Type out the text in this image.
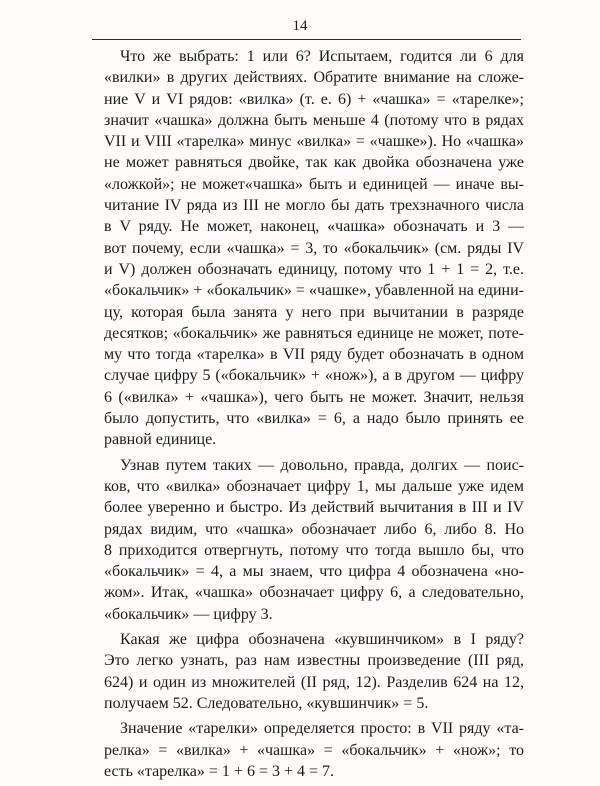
14
Что же выбрать: 1 или 6? Испытаем, годится ли 6 для
«вилки» в других действиях. Обратите внимание на сложе-
ние V и VI рядов: «вилка» (т. е. 6) + «чашка» = «тарелке»;
значит «чашка» должна быть меньше 4 (потому что в рядах
VII и VIII «тарелка» минус «вилка» = «чашке»). Но «чашка»
не может равняться двойке, так как двойка обозначена уже
«ложкой»; не может«чашка» быть и единицей — иначе вы-
читание IV ряда из III не могло бы дать трехзначного числа
в V ряду. Не может, наконец, «чашка» обозначать и 3 —
вот почему, если «чашка» = 3, то «бокальчик» (см. ряды IV
и V) должен обозначать единицу, потому что 1 + 1 = 2, т.е.
«бокальчик» + «бокальчик» = «чашке», убавленной на едини-
цу, которая была занята у него при вычитании в разряде
десятков; «бокальчик» же равняться единице не может, поте-
му что тогда «тарелка» в VII ряду будет обозначать в одном
случае цифру 5 («бокальчик» + «нож»), а в другом — цифру
6 («вилка» + «чашка»), чего быть не может. Значит, нельзя
было допустить, что «вилка» = 6, а надо было принять ее
равной единице.
Узнав путем таких — довольно, правда, долгих — поис-
ков, что «вилка» обозначает цифру 1, мы дальше уже идем
более уверенно и быстро. Из действий вычитания в III и IV
рядах видим, что «чашка» обозначает либо 6, либо 8. Но
8 приходится отвергнуть, потому что тогда вышло бы, что
«бокальчик» = 4, а мы знаем, что цифра 4 обозначена «но-
жом». Итак, «чашка» обозначает цифру 6, а следовательно,
«бокальчик» — цифру 3.
Какая же цифра обозначена «кувшинчиком» в I ряду?
Это легко узнать, раз нам известны произведение (III ряд,
624) и один из множителей (II ряд, 12). Разделив 624 на 12,
получаем 52. Следовательно, «кувшинчик» = 5.
Значение «тарелки» определяется просто: в VII ряду «та-
релка» = «вилка» + «чашка» = «бокальчик» + «нож»; то
есть «тарелка» = 1 + 6 = 3 + 4 = 7.
